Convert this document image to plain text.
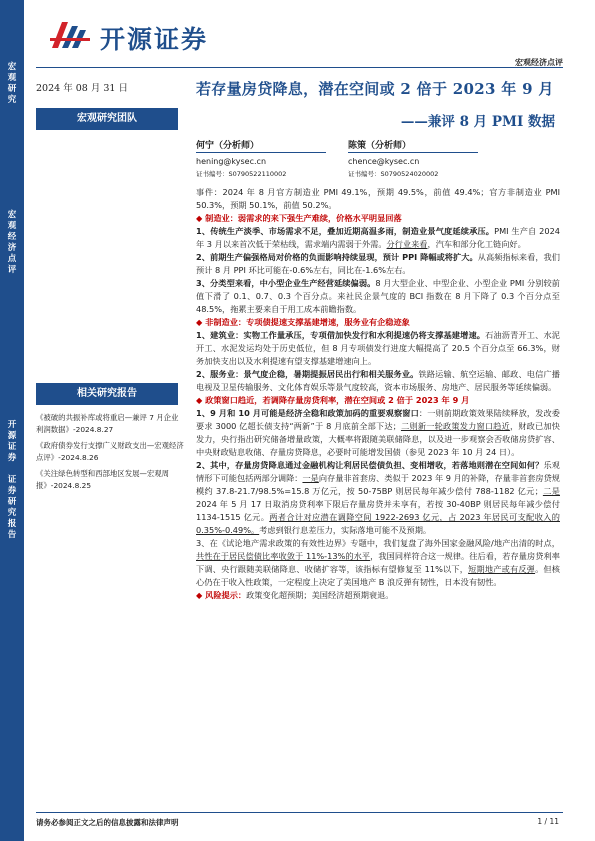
宏
观
研
究
宏
观
经
济
点
评
开
源
证
券

证
券
研
究
报
告
开源证券
宏观经济点评
2024 年 08 月 31 日
宏观研究团队
相关研究报告
《被破的共振补库或将重启—兼评 7 月企业利润数据》-2024.8.27
《政府债券发行支撑广义财政支出—宏观经济点评》-2024.8.26
《关注绿色转型和西部地区发展—宏观周报》-2024.8.25
若存量房贷降息，潜在空间或 2 倍于 2023 年 9 月
——兼评 8 月 PMI 数据
何宁（分析师）
hening@kysec.cn
证书编号：S0790522110002
陈策（分析师）
chence@kysec.cn
证书编号：S0790524020002

事件：2024 年 8 月官方制造业 PMI 49.1%，预期 49.5%，前值 49.4%；官方非制造业 PMI 50.3%，预期 50.1%，前值 50.2%。

◆ 制造业：弱需求的来下强生产难续，价格水平明显回落

1、传统生产淡季、市场需求不足，叠加近期高温多雨，制造业景气度延续承压。PMI 生产自 2024 年 3 月以来首次低于荣枯线，需求端内需弱于外需。分行业来看，汽车和部分化工链向好。

2、前期生产偏强格局对价格的负面影响持续显现，预计 PPI 降幅或将扩大。从高频指标来看，我们预计 8 月 PPI 环比可能在-0.6%左右，同比在-1.6%左右。

3、分类型来看，中小型企业生产经营延续偏弱。8 月大型企业、中型企业、小型企业 PMI 分别较前值下滑了 0.1、0.7、0.3 个百分点。来社民企景气度的 BCI 指数在 8 月下降了 0.3 个百分点至 48.5%，拖累主要来自于用工成本前瞻指数。

◆ 非制造业：专项债提速支撑基建增速，服务业有企稳迹象

1、建筑业：实物工作量承压，专项借加快发行和水利提速仍将支撑基建增速。石油沥青开工、水泥开工、水泥发运均处于历史低位，但 8 月专项债发行进度大幅提高了 20.5 个百分点至 66.3%，财务加快支出以及水利提速有望支撑基建增速向上。

2、服务业：景气度企稳，暑期提振居民出行和相关服务业。铁路运输、航空运输、邮政、电信广播电视及卫星传输服务、文化体育娱乐等景气度较高，资本市场服务、房地产、居民服务等延续偏弱。

◆ 政策窗口趋近，若调降存量房贷利率，潜在空间或 2 倍于 2023 年 9 月

1、9 月和 10 月可能是经济全稳和政策加码的重要观察窗口：一则前期政策效果陆续释放，发改委要求 3000 亿超长债支持“两新”于 8 月底前全部下达；二则新一轮政策发力窗口趋近，财政已加快发力，央行指出研究储备增量政策，大概率将跟随美联储降息，以及进一步观察会否收储房贷扩容、中央财政贴息收储、存量房贷降息，必要时可能增发国债（参见 2023 年 10 月 24 日）。

2、其中，存量房贷降息通过金融机构让利居民偿债负担、变相增收，若落地则潜在空间如何？乐观情形下可能包括两部分调降：一是向存量非首套房、类似于 2023 年 9 月的补降，存量非首套房贷规模约 37.8-21.7/98.5%=15.8 万亿元，按 50-75BP 则居民每年减少偿付 788-1182 亿元；二是2024 年 5 月 17 日取消房贷利率下限后存量房贷并未享有，若按 30-40BP 则居民每年减少偿付 1134-1515 亿元。两者合计对应潜在调降空间 1922-2693 亿元，占 2023 年居民可支配收入的 0.35%-0.49%。考虑到银行息差压力，实际落地可能不及预期。

3、在《试论地产需求政策的有效性边界》专题中，我们复盘了海外国家金融风险/地产出清的时点，共性在于居民偿债比率收敛于 11%-13%的水平，我国同样符合这一规律。往后看，若存量房贷利率下调、央行跟随美联储降息、收储扩容等，该指标有望修复至 11%以下，短期地产或有反弹。但核心仍在于收入性政策，一定程度上决定了美国地产 B 浪反弹有韧性，日本没有韧性。

◆ 风险提示：政策变化超预期；美国经济超预期衰退。

请务必参阅正文之后的信息披露和法律声明	1 / 11
